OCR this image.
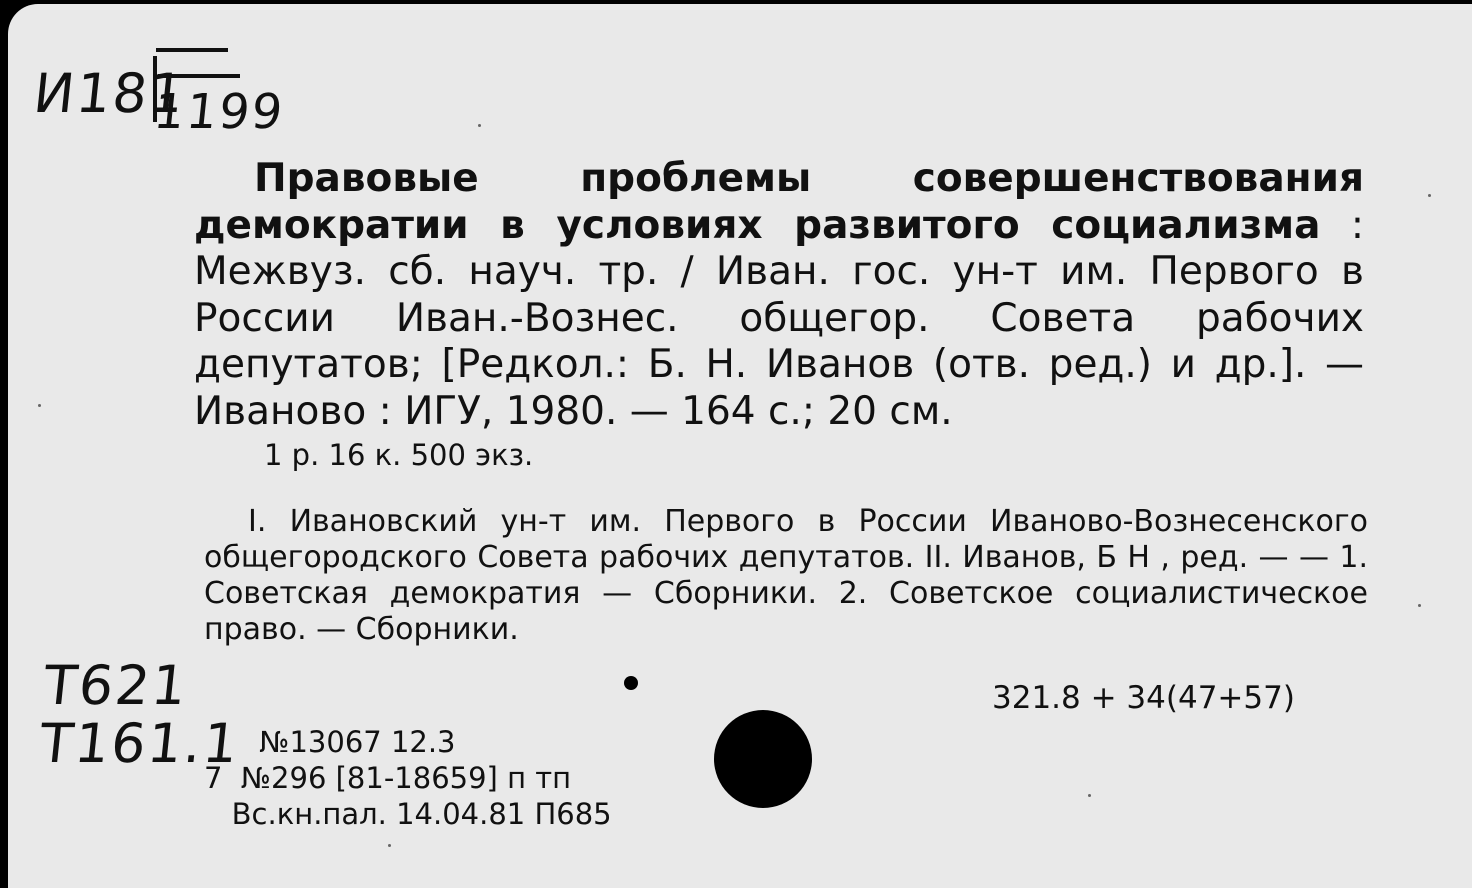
И181
1199

Правовые проблемы совершенствования демократии в условиях развитого социализма : Межвуз. сб. науч. тр. / Иван. гос. ун-т им. Первого в России Иван.-Вознес. общегор. Совета рабочих депутатов; [Редкол.: Б. Н. Иванов (отв. ред.) и др.]. — Иваново : ИГУ, 1980. — 164 с.; 20 см.

1 р. 16 к. 500 экз.

I. Ивановский ун-т им. Первого в России Иваново-Вознесенского общегородского Совета рабочих депутатов. II. Иванов, Б Н , ред. — — 1. Советская демократия — Сборники. 2. Советское социалистическое право. — Сборники.

Т621
Т161.1

321.8 + 34(47+57)

№13067 12.3
7  №296 [81-18659] п тп
Вс.кн.пал. 14.04.81 П685
